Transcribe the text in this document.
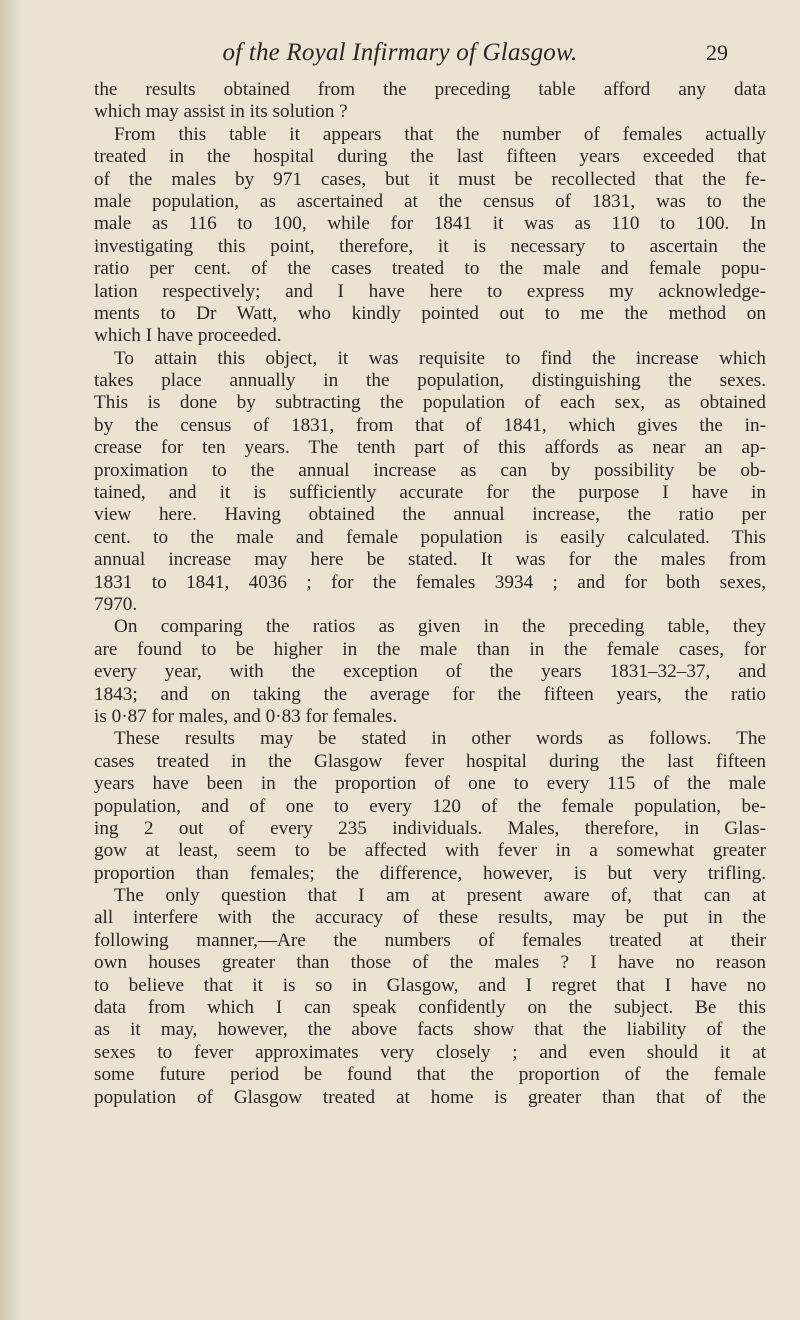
of the Royal Infirmary of Glasgow.	29
the results obtained from the preceding table afford any data
which may assist in its solution ?
From this table it appears that the number of females actually
treated in the hospital during the last fifteen years exceeded that
of the males by 971 cases, but it must be recollected that the fe-
male population, as ascertained at the census of 1831, was to the
male as 116 to 100, while for 1841 it was as 110 to 100. In
investigating this point, therefore, it is necessary to ascertain the
ratio per cent. of the cases treated to the male and female popu-
lation respectively; and I have here to express my acknowledge-
ments to Dr Watt, who kindly pointed out to me the method on
which I have proceeded.
To attain this object, it was requisite to find the increase which
takes place annually in the population, distinguishing the sexes.
This is done by subtracting the population of each sex, as obtained
by the census of 1831, from that of 1841, which gives the in-
crease for ten years. The tenth part of this affords as near an ap-
proximation to the annual increase as can by possibility be ob-
tained, and it is sufficiently accurate for the purpose I have in
view here. Having obtained the annual increase, the ratio per
cent. to the male and female population is easily calculated. This
annual increase may here be stated. It was for the males from
1831 to 1841, 4036 ; for the females 3934 ; and for both sexes,
7970.
On comparing the ratios as given in the preceding table, they
are found to be higher in the male than in the female cases, for
every year, with the exception of the years 1831–32–37, and
1843; and on taking the average for the fifteen years, the ratio
is 0·87 for males, and 0·83 for females.
These results may be stated in other words as follows. The
cases treated in the Glasgow fever hospital during the last fifteen
years have been in the proportion of one to every 115 of the male
population, and of one to every 120 of the female population, be-
ing 2 out of every 235 individuals. Males, therefore, in Glas-
gow at least, seem to be affected with fever in a somewhat greater
proportion than females; the difference, however, is but very trifling.
The only question that I am at present aware of, that can at
all interfere with the accuracy of these results, may be put in the
following manner,—Are the numbers of females treated at their
own houses greater than those of the males ? I have no reason
to believe that it is so in Glasgow, and I regret that I have no
data from which I can speak confidently on the subject. Be this
as it may, however, the above facts show that the liability of the
sexes to fever approximates very closely ; and even should it at
some future period be found that the proportion of the female
population of Glasgow treated at home is greater than that of the
